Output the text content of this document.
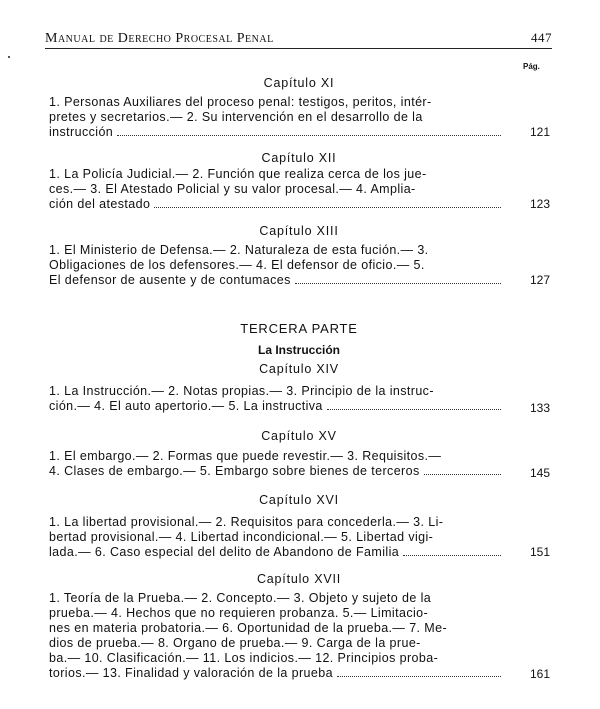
Manual de Derecho Procesal Penal	447
Pág.
Capítulo XI
1. Personas Auxiliares del proceso penal: testigos, peritos, intér-
pretes y secretarios.— 2. Su intervención en el desarrollo de la
instrucción	121
Capítulo XII
1. La Policía Judicial.— 2. Función que realiza cerca de los jue-
ces.— 3. El Atestado Policial y su valor procesal.— 4. Amplia-
ción del atestado	123
Capítulo XIII
1. El Ministerio de Defensa.— 2. Naturaleza de esta fución.— 3.
Obligaciones de los defensores.— 4. El defensor de oficio.— 5.
El defensor de ausente y de contumaces	127
TERCERA PARTE
La Instrucción
Capítulo XIV
1. La Instrucción.— 2. Notas propias.— 3. Principio de la instruc-
ción.— 4. El auto apertorio.— 5. La instructiva	133
Capítulo XV
1. El embargo.— 2. Formas que puede revestir.— 3. Requisitos.—
4. Clases de embargo.— 5. Embargo sobre bienes de terceros	145
Capítulo XVI
1. La libertad provisional.— 2. Requisitos para concederla.— 3. Li-
bertad provisional.— 4. Libertad incondicional.— 5. Libertad vigi-
lada.— 6. Caso especial del delito de Abandono de Familia	151
Capítulo XVII
1. Teoría de la Prueba.— 2. Concepto.— 3. Objeto y sujeto de la
prueba.— 4. Hechos que no requieren probanza. 5.— Limitacio-
nes en materia probatoria.— 6. Oportunidad de la prueba.— 7. Me-
dios de prueba.— 8. Organo de prueba.— 9. Carga de la prue-
ba.— 10. Clasificación.— 11. Los indicios.— 12. Principios proba-
torios.— 13. Finalidad y valoración de la prueba	161
